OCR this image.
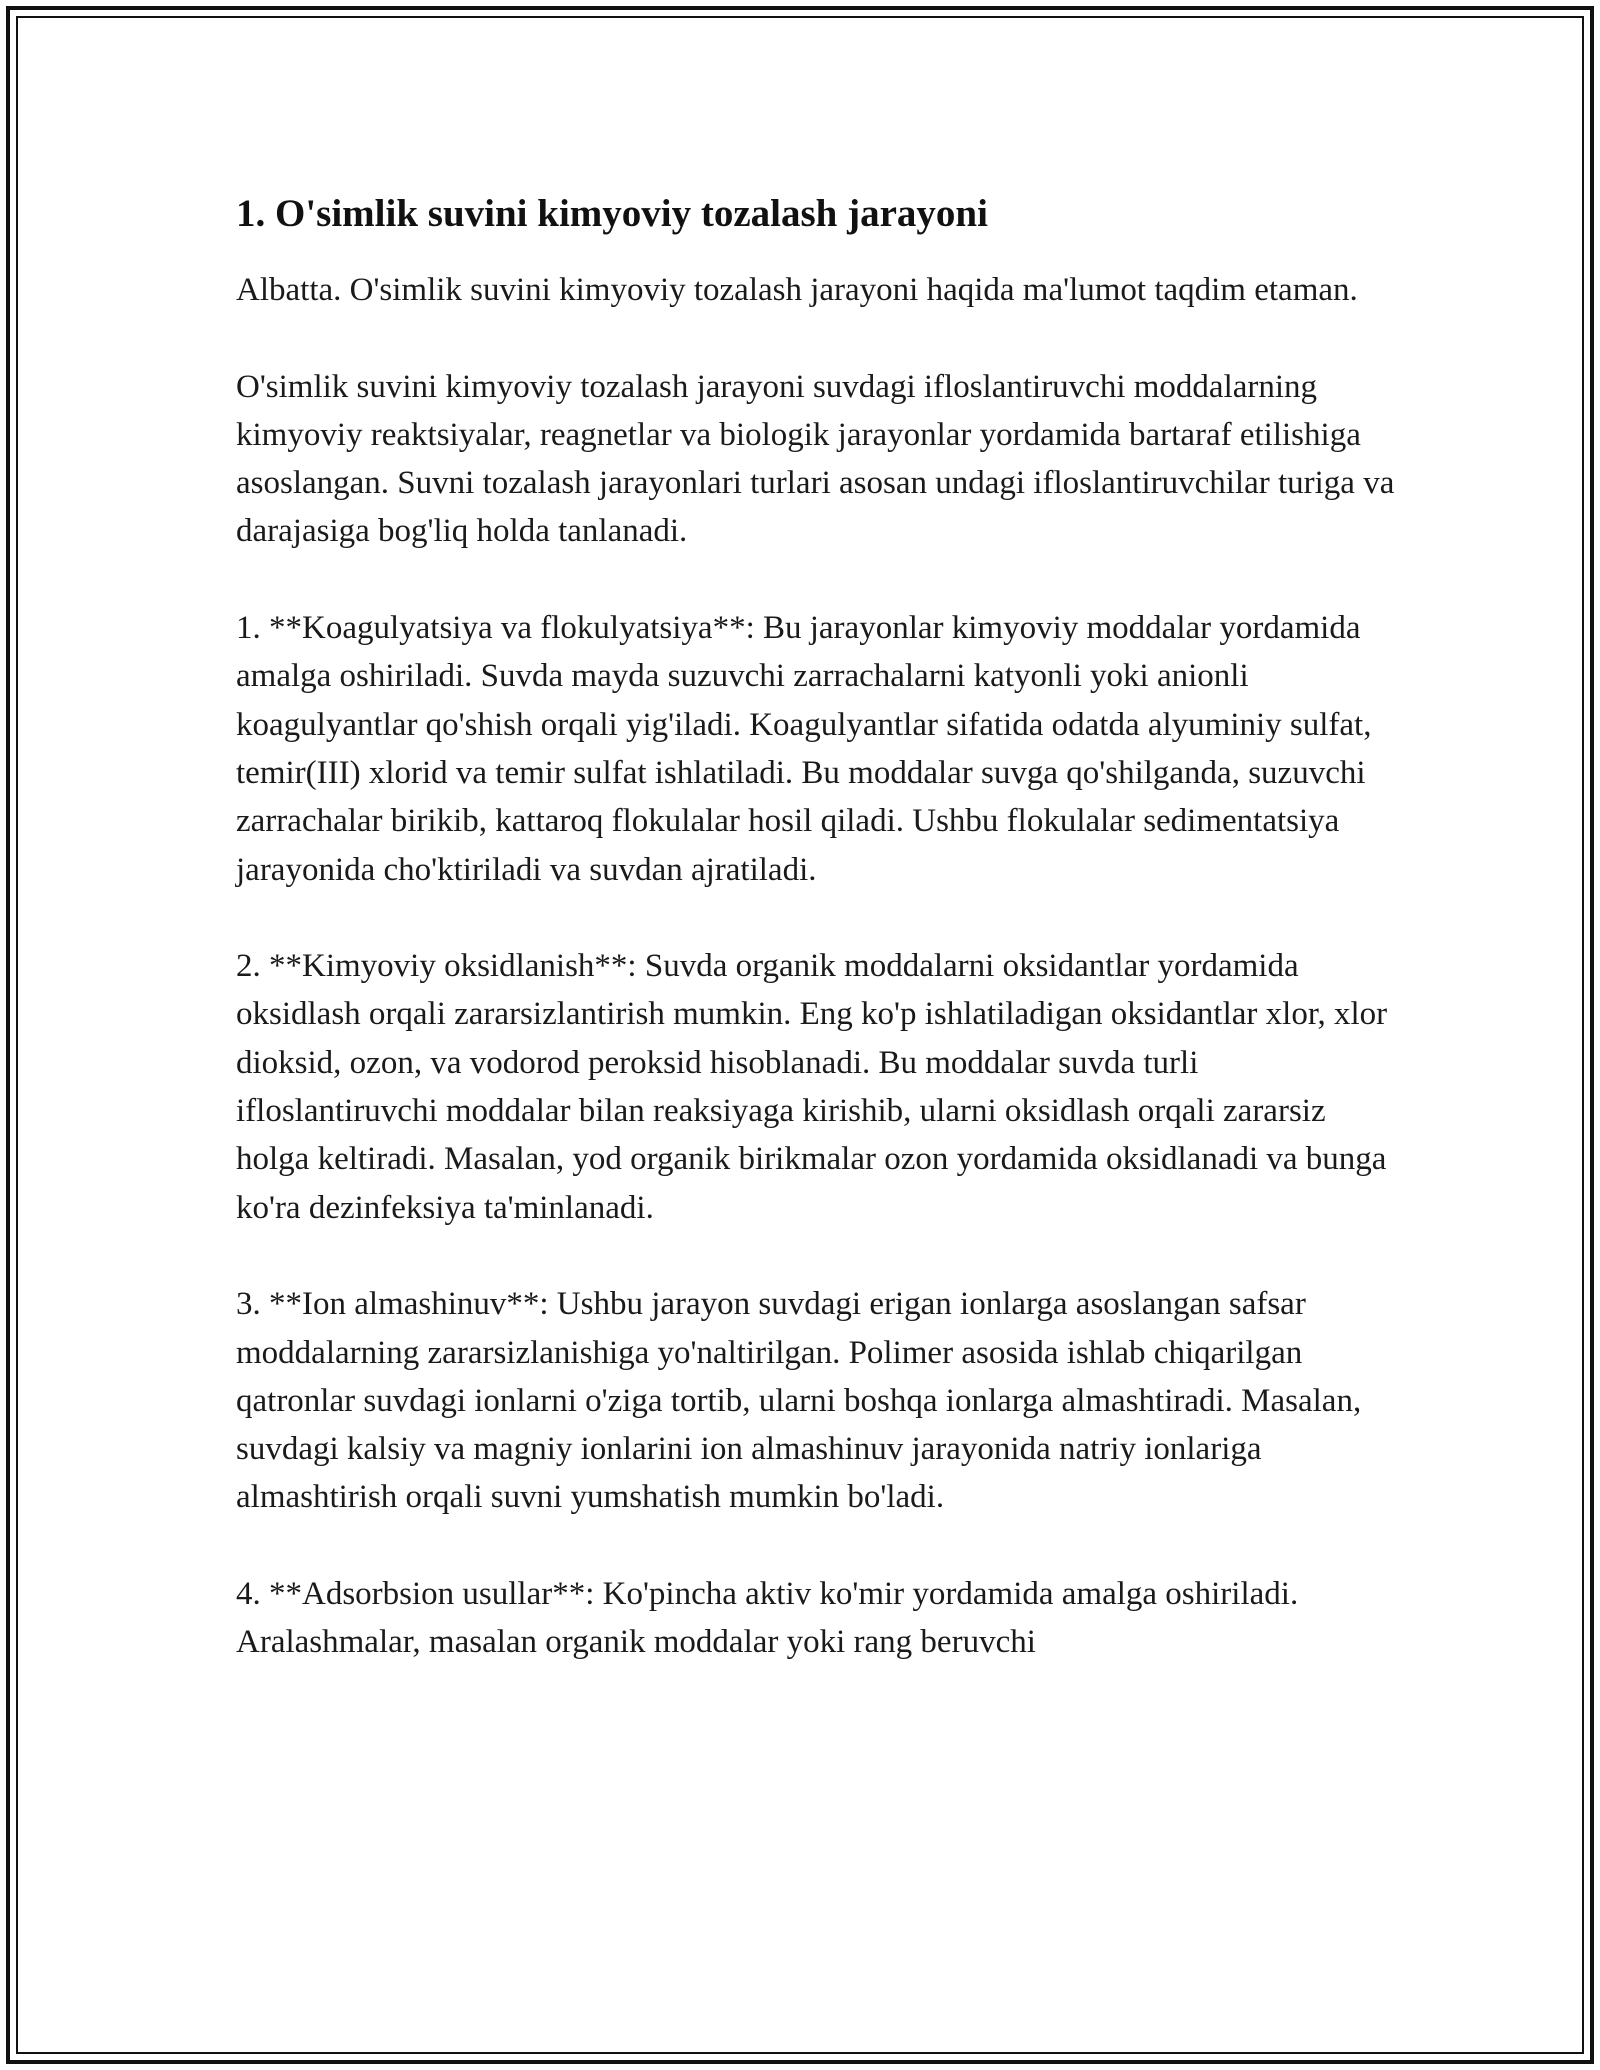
1. O'simlik suvini kimyoviy tozalash jarayoni

Albatta. O'simlik suvini kimyoviy tozalash jarayoni haqida ma'lumot taqdim etaman.

O'simlik suvini kimyoviy tozalash jarayoni suvdagi ifloslantiruvchi moddalarning kimyoviy reaktsiyalar, reagnetlar va biologik jarayonlar yordamida bartaraf etilishiga asoslangan. Suvni tozalash jarayonlari turlari asosan undagi ifloslantiruvchilar turiga va darajasiga bog'liq holda tanlanadi.

1. **Koagulyatsiya va flokulyatsiya**: Bu jarayonlar kimyoviy moddalar yordamida amalga oshiriladi. Suvda mayda suzuvchi zarrachalarni katyonli yoki anionli koagulyantlar qo'shish orqali yig'iladi. Koagulyantlar sifatida odatda alyuminiy sulfat, temir(III) xlorid va temir sulfat ishlatiladi. Bu moddalar suvga qo'shilganda, suzuvchi zarrachalar birikib, kattaroq flokulalar hosil qiladi. Ushbu flokulalar sedimentatsiya jarayonida cho'ktiriladi va suvdan ajratiladi.

2. **Kimyoviy oksidlanish**: Suvda organik moddalarni oksidantlar yordamida oksidlash orqali zararsizlantirish mumkin. Eng ko'p ishlatiladigan oksidantlar xlor, xlor dioksid, ozon, va vodorod peroksid hisoblanadi. Bu moddalar suvda turli ifloslantiruvchi moddalar bilan reaksiyaga kirishib, ularni oksidlash orqali zararsiz holga keltiradi. Masalan, yod organik birikmalar ozon yordamida oksidlanadi va bunga ko'ra dezinfeksiya ta'minlanadi.

3. **Ion almashinuv**: Ushbu jarayon suvdagi erigan ionlarga asoslangan safsar moddalarning zararsizlanishiga yo'naltirilgan. Polimer asosida ishlab chiqarilgan qatronlar suvdagi ionlarni o'ziga tortib, ularni boshqa ionlarga almashtiradi. Masalan, suvdagi kalsiy va magniy ionlarini ion almashinuv jarayonida natriy ionlariga almashtirish orqali suvni yumshatish mumkin bo'ladi.

4. **Adsorbsion usullar**: Ko'pincha aktiv ko'mir yordamida amalga oshiriladi. Aralashmalar, masalan organik moddalar yoki rang beruvchi
